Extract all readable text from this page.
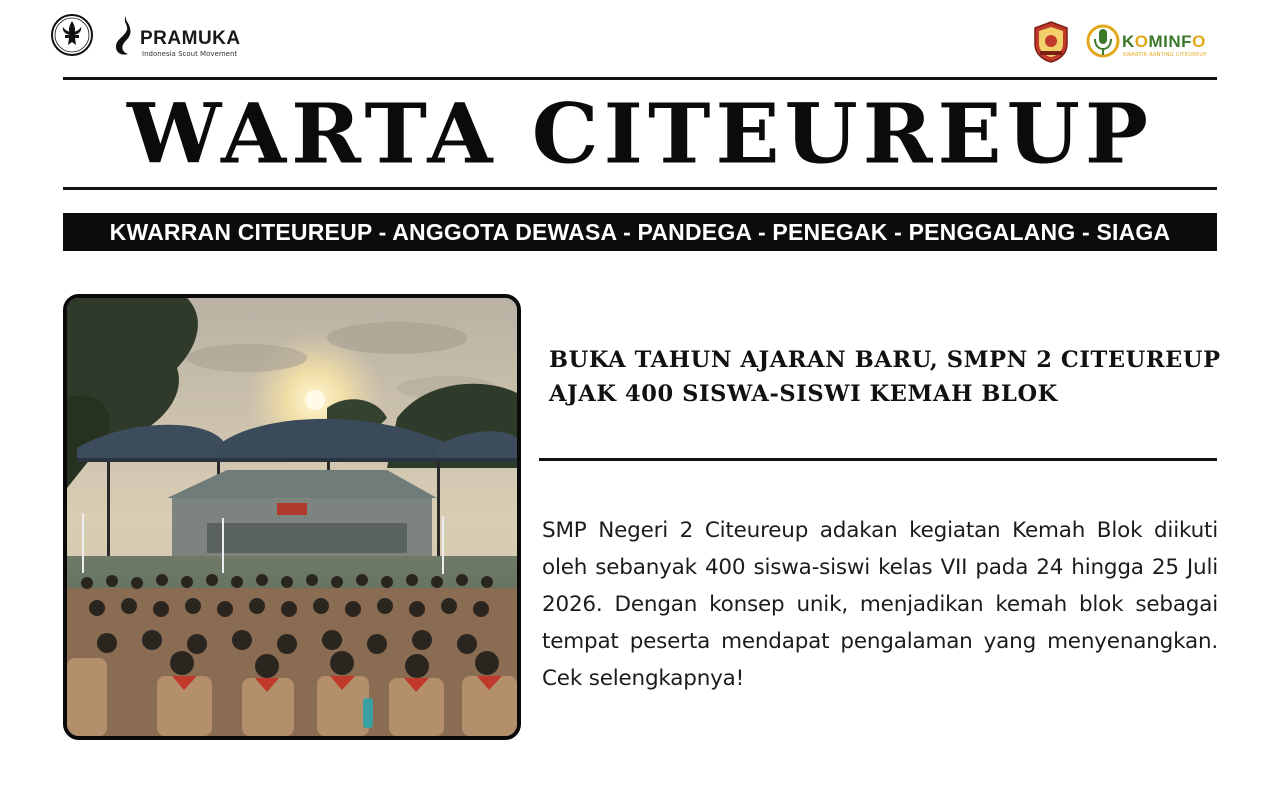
PRAMUKA
Indonesia Scout Movement
KOMINFO
KWARTIR RANTING CITEUREUP
WARTA CITEUREUP
KWARRAN CITEUREUP - ANGGOTA DEWASA - PANDEGA - PENEGAK - PENGGALANG - SIAGA
BUKA TAHUN AJARAN BARU, SMPN 2 CITEUREUP
AJAK 400 SISWA-SISWI KEMAH BLOK
SMP Negeri 2 Citeureup adakan kegiatan Kemah Blok diikuti oleh sebanyak 400 siswa-siswi kelas VII pada 24 hingga 25 Juli 2026. Dengan konsep unik, menjadikan kemah blok sebagai tempat peserta mendapat pengalaman yang menyenangkan. Cek selengkapnya!
